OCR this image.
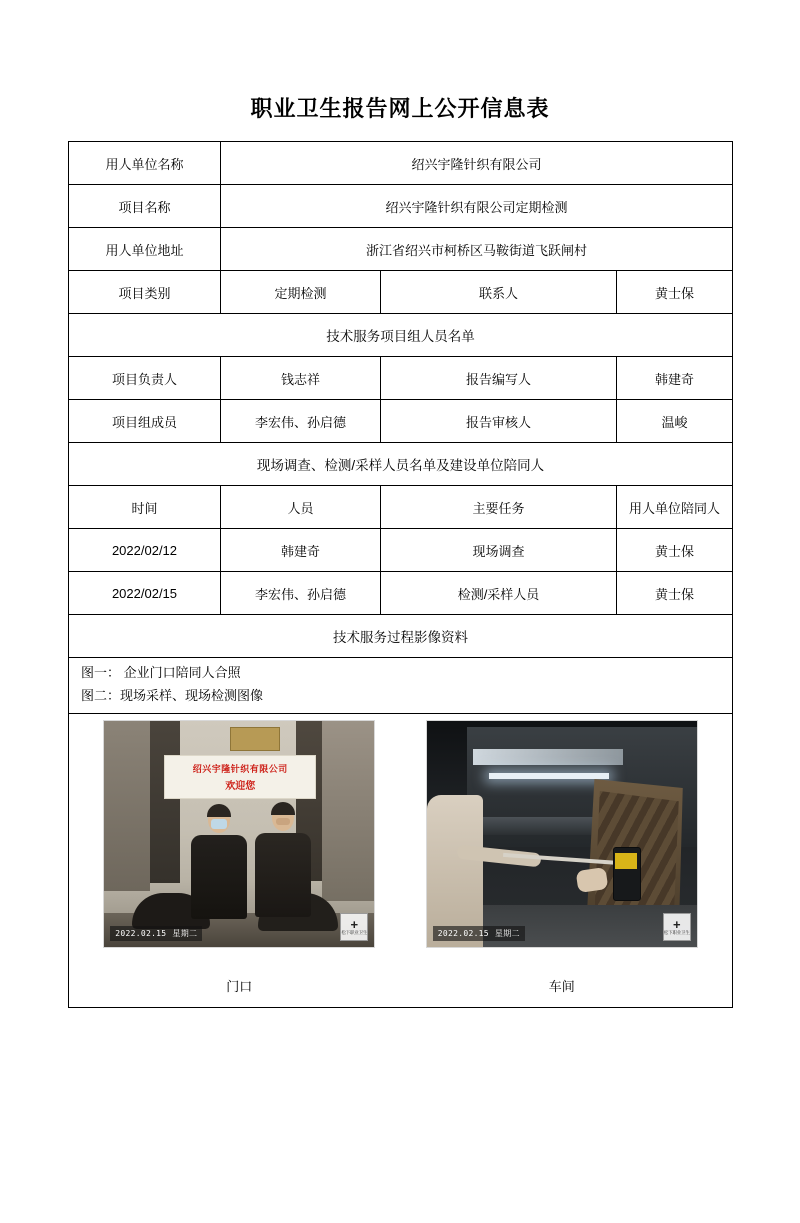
职业卫生报告网上公开信息表
用人单位名称	绍兴宇隆针织有限公司		
项目名称	绍兴宇隆针织有限公司定期检测		
用人单位地址	浙江省绍兴市柯桥区马鞍街道飞跃闸村		
项目类别	定期检测	联系人	黄士保
技术服务项目组人员名单			
项目负责人	钱志祥	报告编写人	韩建奇
项目组成员	李宏伟、孙启德	报告审核人	温峻
现场调查、检测/采样人员名单及建设单位陪同人			
时间	人员	主要任务	用人单位陪同人
2022/02/12	韩建奇	现场调查	黄士保
2022/02/15	李宏伟、孙启德	检测/采样人员	黄士保
技术服务过程影像资料			

图一： 企业门口陪同人合照
图二：现场采样、现场检测图像			

绍兴宇隆针织有限公司
欢迎您
2022.02.15 星期二
+
松下职业卫生
门口
2022.02.15 星期二
+
松下职业卫生
车间
